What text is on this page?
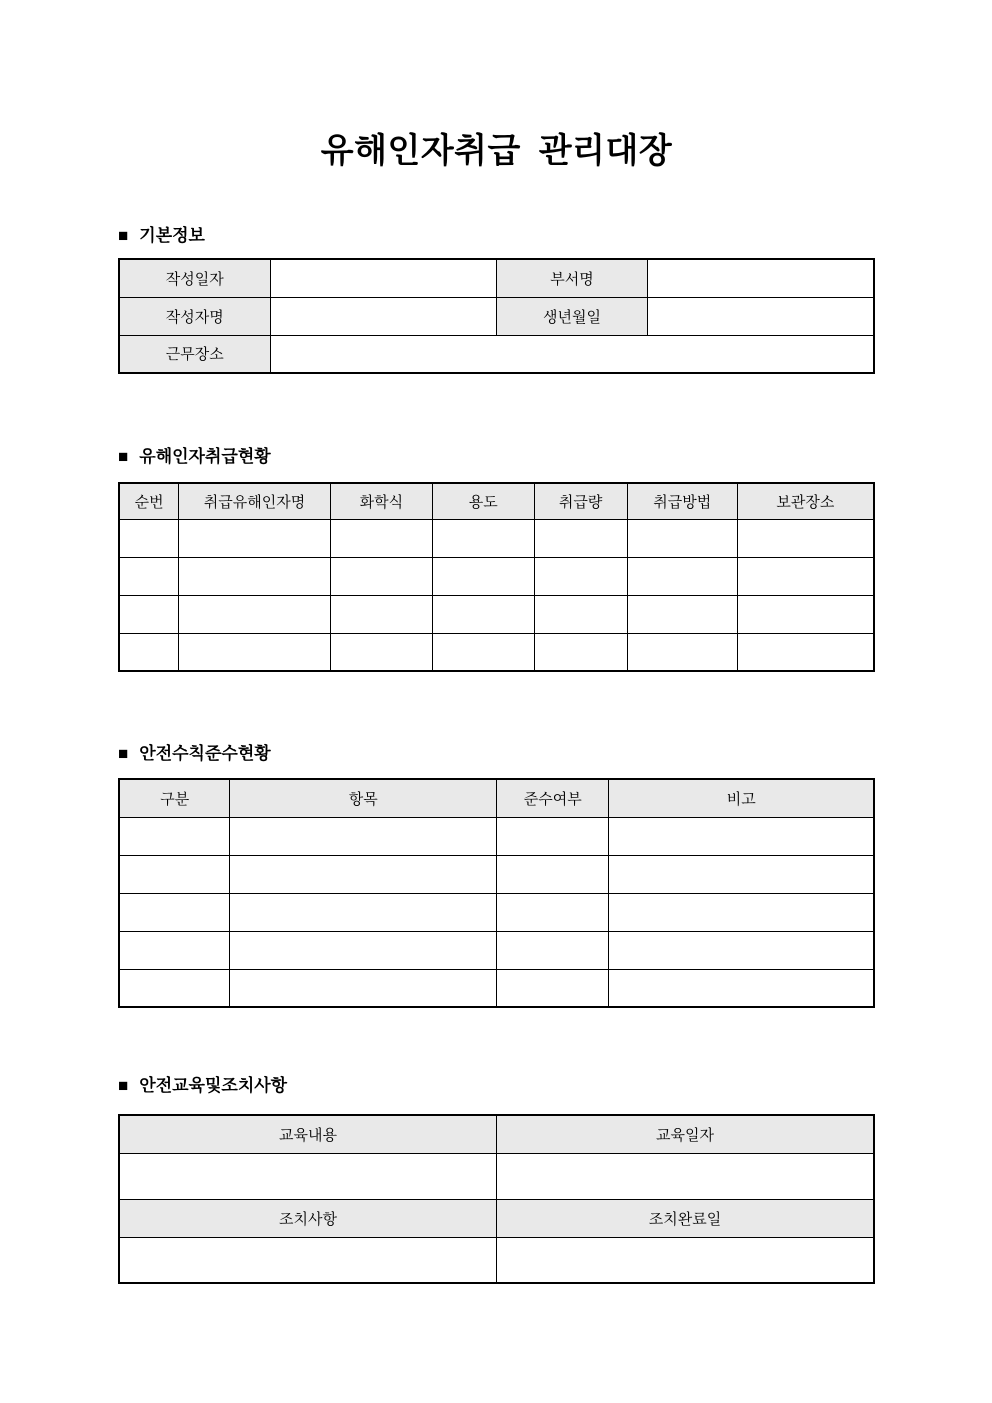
유해인자취급 관리대장
■ 기본정보
작성일자		부서명	
작성자명		생년월일	
근무장소			
■ 유해인자취급현황
순번	취급유해인자명	화학식	용도	취급량	취급방법	보관장소

■ 안전수칙준수현황
구분	항목	준수여부	비고

■ 안전교육및조치사항
교육내용	교육일자

조치사항	조치완료일
